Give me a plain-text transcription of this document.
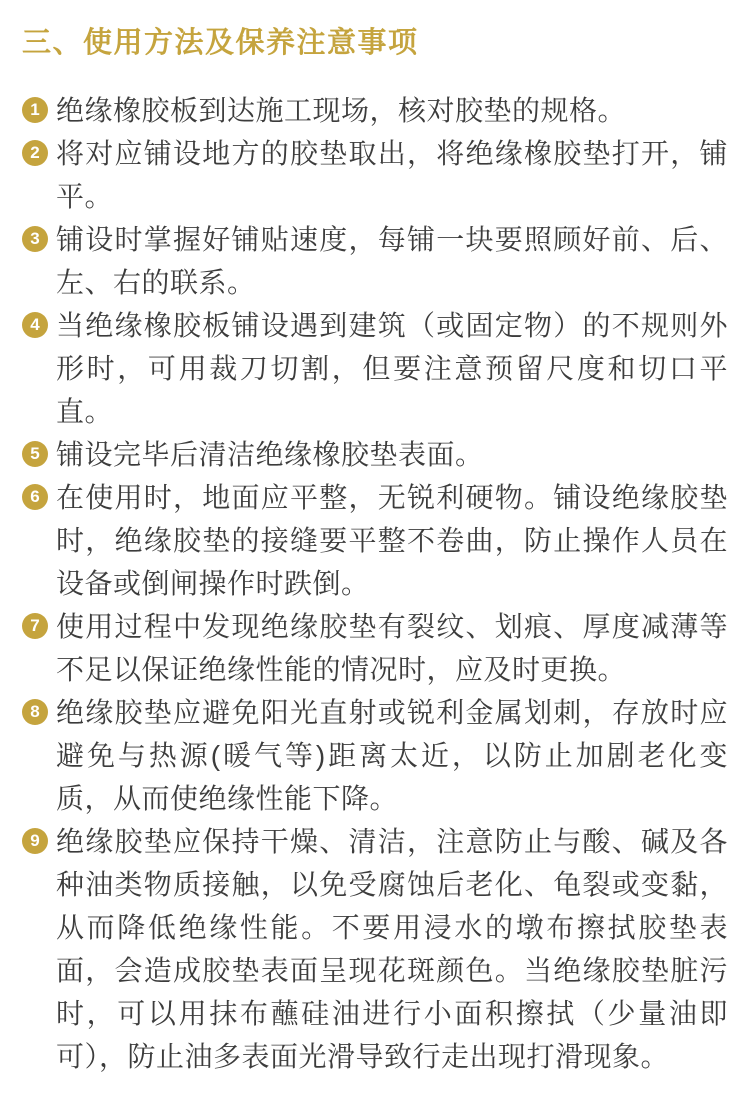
三、使用方法及保养注意事项
1 绝缘橡胶板到达施工现场，核对胶垫的规格。

2 将对应铺设地方的胶垫取出，将绝缘橡胶垫打开，铺平。

3 铺设时掌握好铺贴速度，每铺一块要照顾好前、后、左、右的联系。

4 当绝缘橡胶板铺设遇到建筑（或固定物）的不规则外形时，可用裁刀切割，但要注意预留尺度和切口平直。

5 铺设完毕后清洁绝缘橡胶垫表面。

6 在使用时，地面应平整，无锐利硬物。铺设绝缘胶垫时，绝缘胶垫的接缝要平整不卷曲，防止操作人员在设备或倒闸操作时跌倒。

7 使用过程中发现绝缘胶垫有裂纹、划痕、厚度减薄等不足以保证绝缘性能的情况时，应及时更换。

8 绝缘胶垫应避免阳光直射或锐利金属划刺，存放时应避免与热源(暖气等)距离太近，以防止加剧老化变质，从而使绝缘性能下降。

9 绝缘胶垫应保持干燥、清洁，注意防止与酸、碱及各种油类物质接触，以免受腐蚀后老化、龟裂或变黏，从而降低绝缘性能。不要用浸水的墩布擦拭胶垫表面，会造成胶垫表面呈现花斑颜色。当绝缘胶垫脏污时，可以用抹布蘸硅油进行小面积擦拭（少量油即可），防止油多表面光滑导致行走出现打滑现象。
